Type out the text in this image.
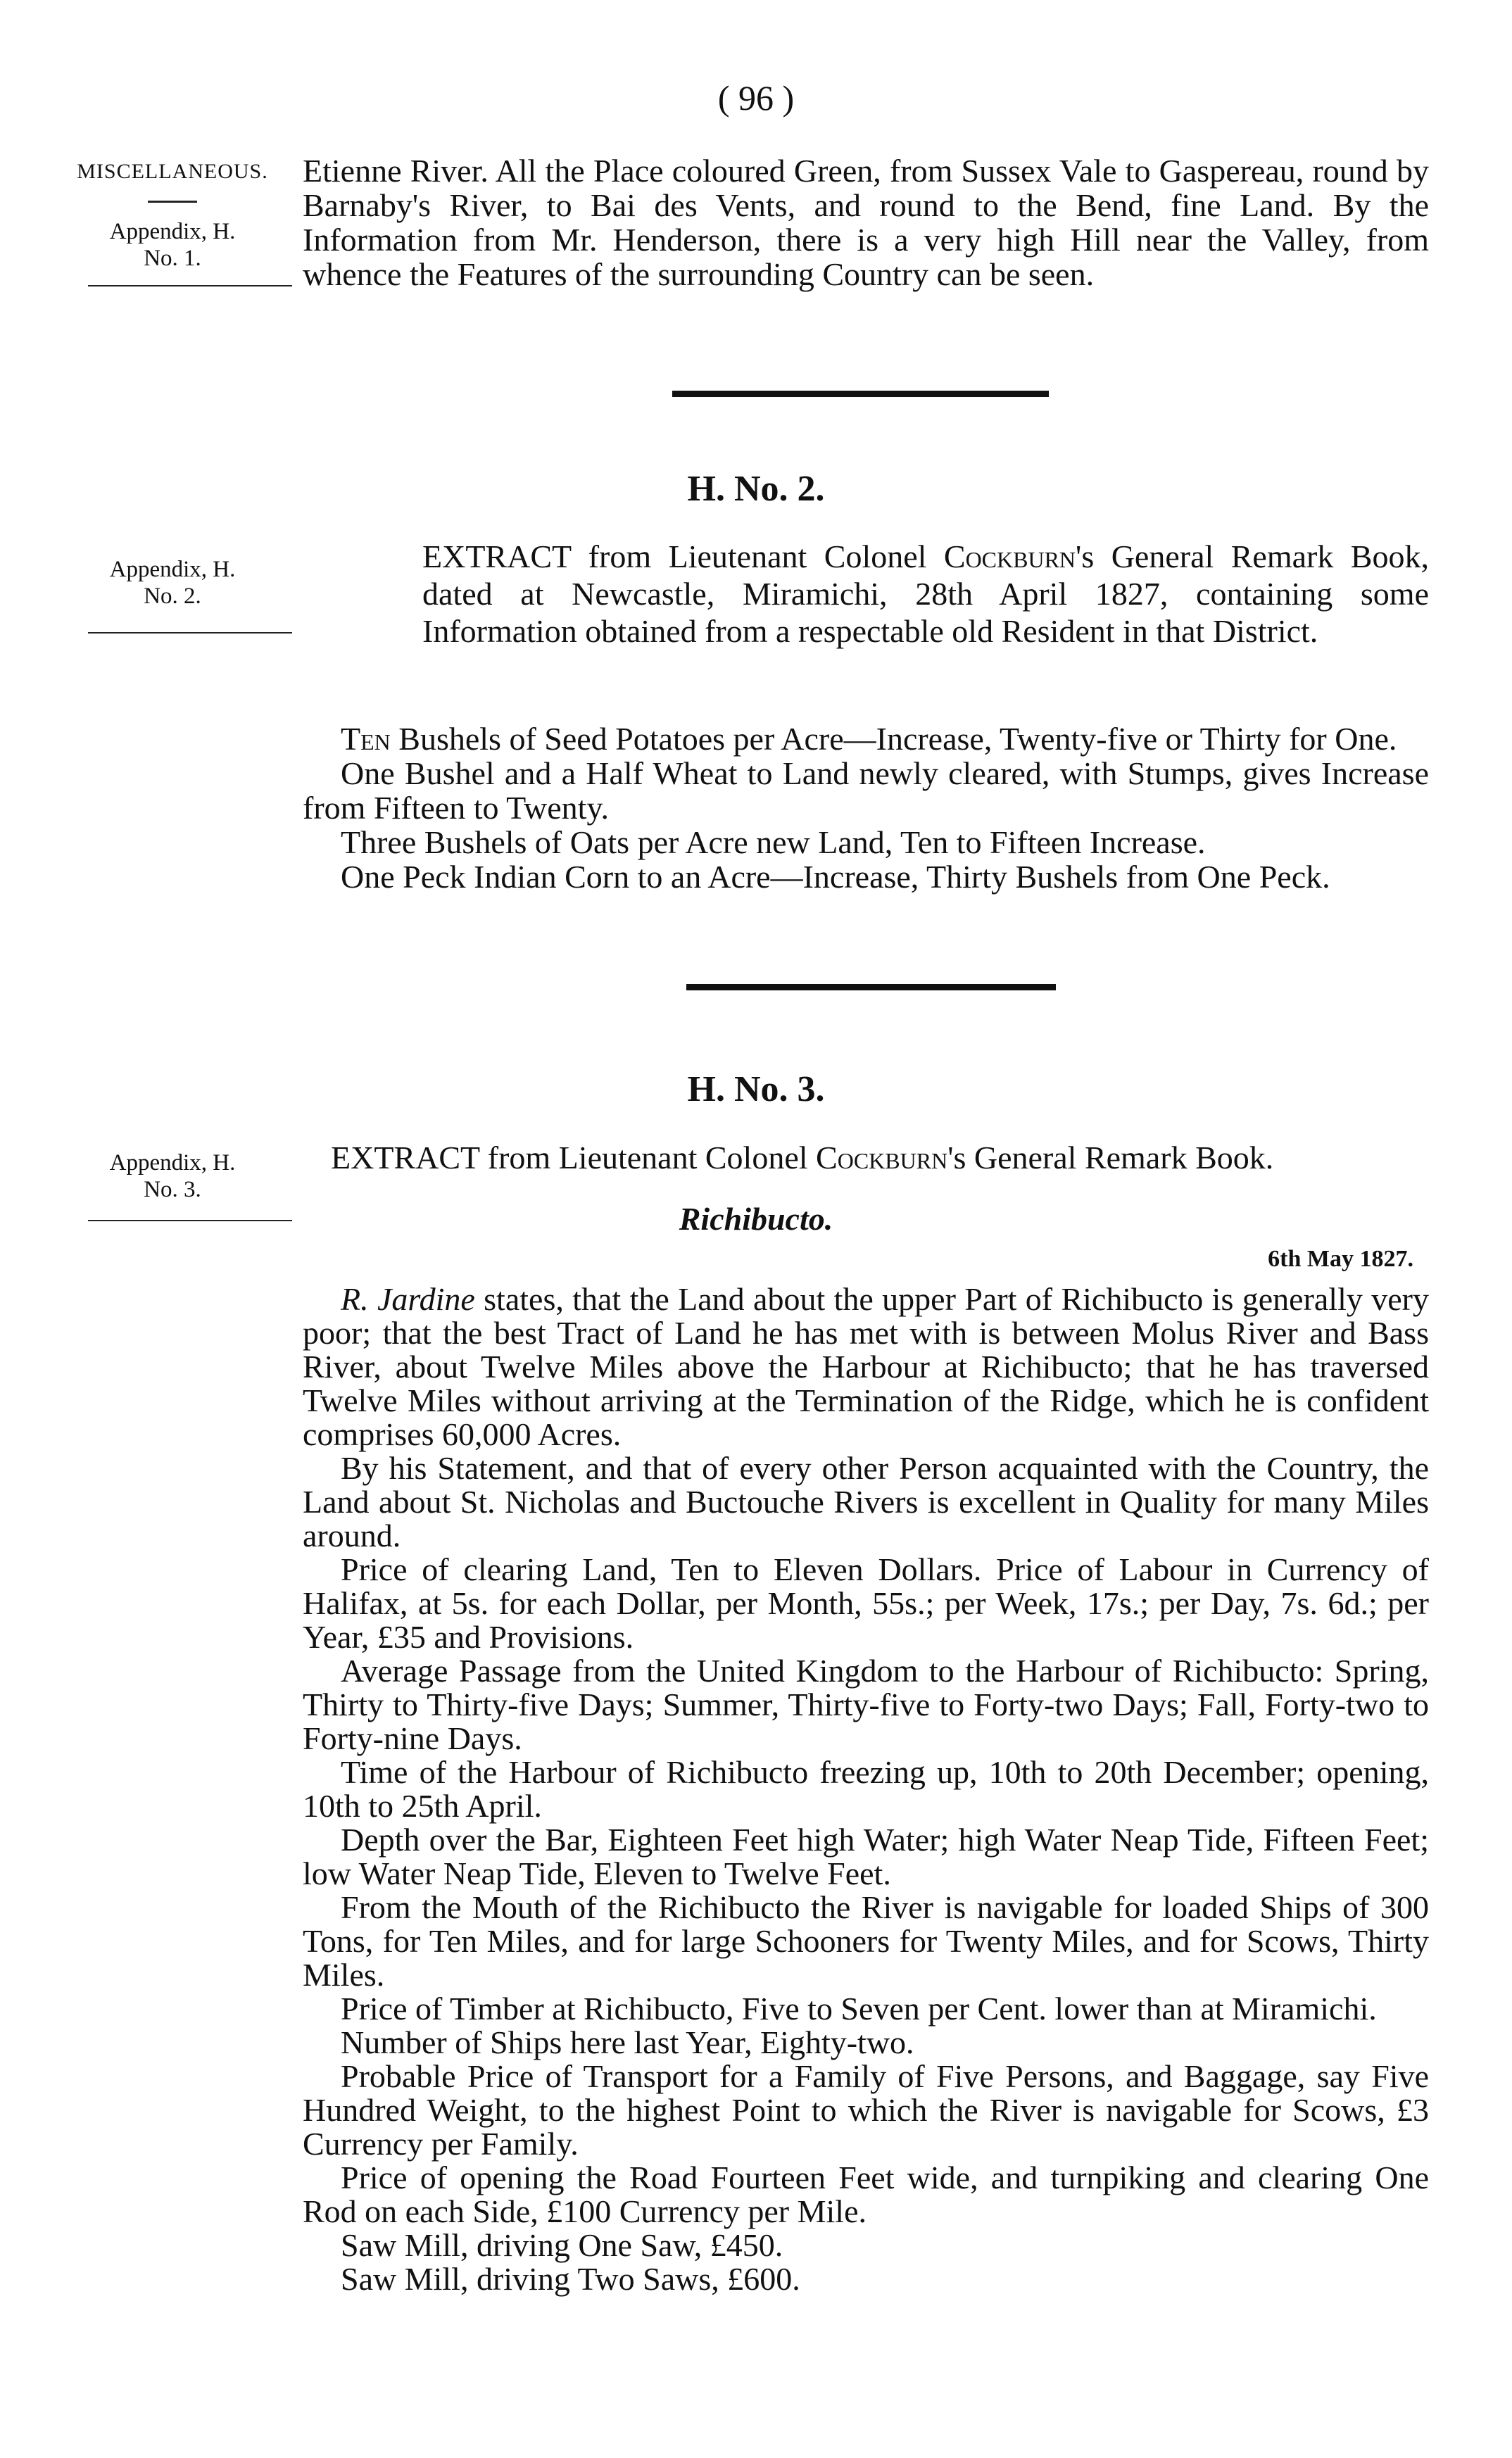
( 96 )
MISCELLANEOUS.
Appendix, H.
No. 1.

Etienne River. All the Place coloured Green, from Sussex Vale to Gaspereau, round by Barnaby's River, to Bai des Vents, and round to the Bend, fine Land. By the Information from Mr. Henderson, there is a very high Hill near the Valley, from whence the Features of the surrounding Country can be seen.

H. No. 2.
Appendix, H.
No. 2.

EXTRACT from Lieutenant Colonel Cockburn's General Remark Book, dated at Newcastle, Miramichi, 28th April 1827, containing some Information obtained from a respectable old Resident in that District.

Ten Bushels of Seed Potatoes per Acre—Increase, Twenty-five or Thirty for One.

One Bushel and a Half Wheat to Land newly cleared, with Stumps, gives Increase from Fifteen to Twenty.

Three Bushels of Oats per Acre new Land, Ten to Fifteen Increase.

One Peck Indian Corn to an Acre—Increase, Thirty Bushels from One Peck.

H. No. 3.
Appendix, H.
No. 3.

EXTRACT from Lieutenant Colonel Cockburn's General Remark Book.

Richibucto.
6th May 1827.

R. Jardine states, that the Land about the upper Part of Richibucto is generally very poor; that the best Tract of Land he has met with is between Molus River and Bass River, about Twelve Miles above the Harbour at Richibucto; that he has traversed Twelve Miles without arriving at the Termination of the Ridge, which he is confident comprises 60,000 Acres.

By his Statement, and that of every other Person acquainted with the Country, the Land about St. Nicholas and Buctouche Rivers is excellent in Quality for many Miles around.

Price of clearing Land, Ten to Eleven Dollars. Price of Labour in Currency of Halifax, at 5s. for each Dollar, per Month, 55s.; per Week, 17s.; per Day, 7s. 6d.; per Year, £35 and Provisions.

Average Passage from the United Kingdom to the Harbour of Richibucto: Spring, Thirty to Thirty-five Days; Summer, Thirty-five to Forty-two Days; Fall, Forty-two to Forty-nine Days.

Time of the Harbour of Richibucto freezing up, 10th to 20th December; opening, 10th to 25th April.

Depth over the Bar, Eighteen Feet high Water; high Water Neap Tide, Fifteen Feet; low Water Neap Tide, Eleven to Twelve Feet.

From the Mouth of the Richibucto the River is navigable for loaded Ships of 300 Tons, for Ten Miles, and for large Schooners for Twenty Miles, and for Scows, Thirty Miles.

Price of Timber at Richibucto, Five to Seven per Cent. lower than at Miramichi.

Number of Ships here last Year, Eighty-two.

Probable Price of Transport for a Family of Five Persons, and Baggage, say Five Hundred Weight, to the highest Point to which the River is navigable for Scows, £3 Currency per Family.

Price of opening the Road Fourteen Feet wide, and turnpiking and clearing One Rod on each Side, £100 Currency per Mile.

Saw Mill, driving One Saw, £450.

Saw Mill, driving Two Saws, £600.
